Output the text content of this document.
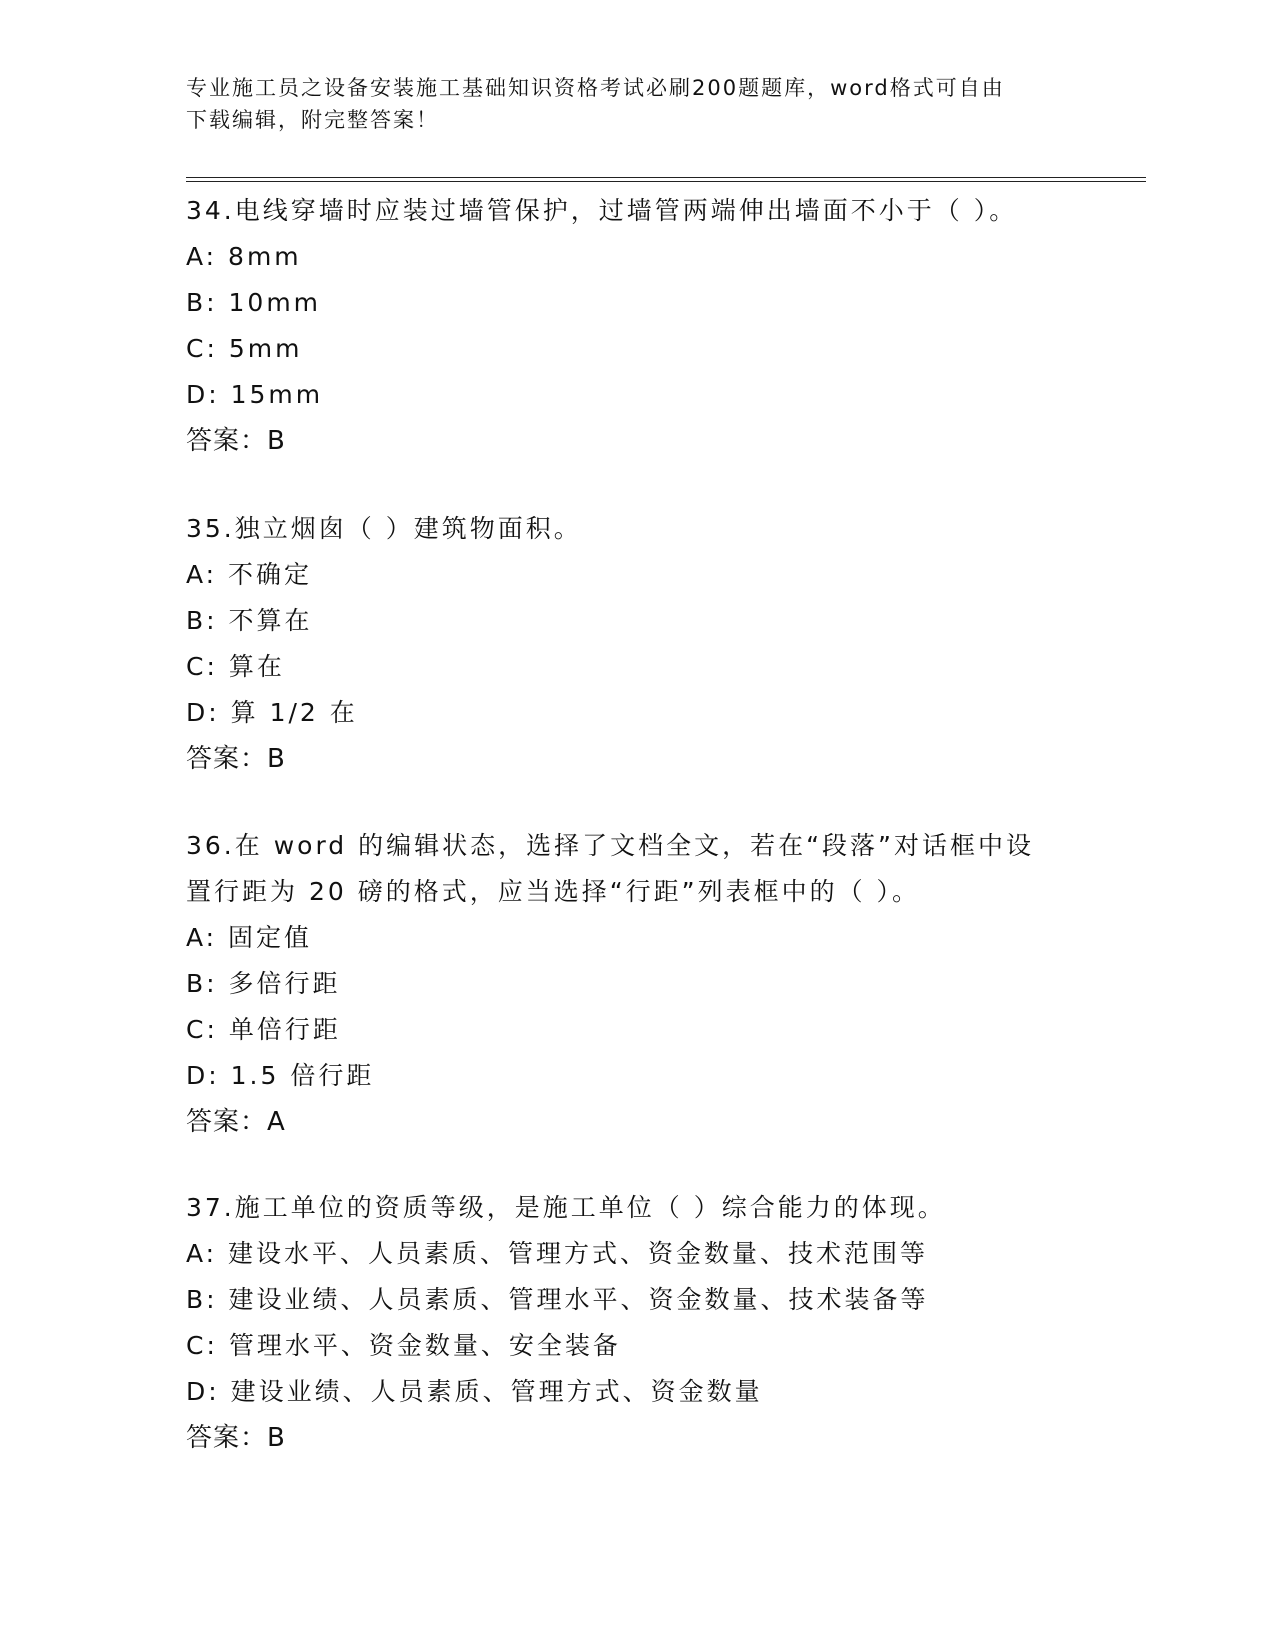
专业施工员之设备安装施工基础知识资格考试必刷200题题库，word格式可自由
下载编辑，附完整答案！
34.电线穿墙时应装过墙管保护，过墙管两端伸出墙面不小于（ ）。
A: 8mm
B: 10mm
C: 5mm
D: 15mm
答案：B
35.独立烟囱（ ）建筑物面积。
A: 不确定
B: 不算在
C: 算在
D: 算 1/2 在
答案：B
36.在 word 的编辑状态，选择了文档全文，若在“段落”对话框中设
置行距为 20 磅的格式，应当选择“行距”列表框中的（ ）。
A: 固定值
B: 多倍行距
C: 单倍行距
D: 1.5 倍行距
答案：A
37.施工单位的资质等级，是施工单位（ ）综合能力的体现。
A: 建设水平、人员素质、管理方式、资金数量、技术范围等
B: 建设业绩、人员素质、管理水平、资金数量、技术装备等
C: 管理水平、资金数量、安全装备
D: 建设业绩、人员素质、管理方式、资金数量
答案：B
